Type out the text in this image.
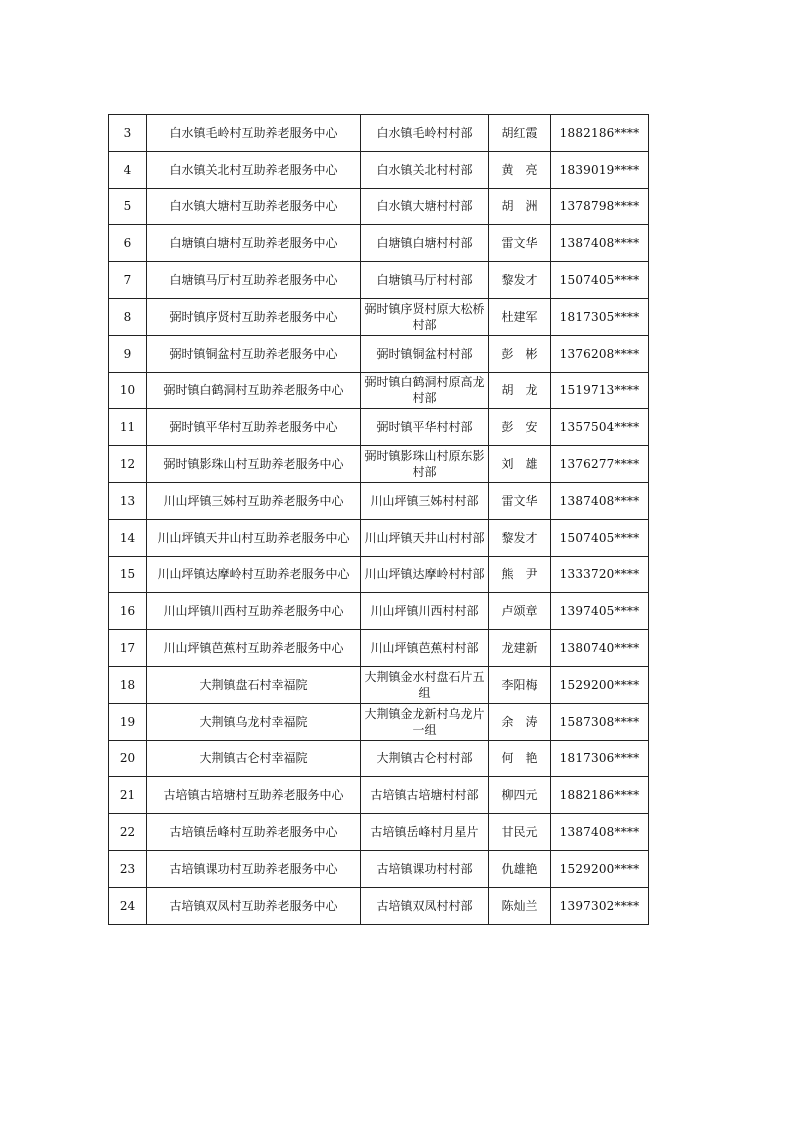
3	白水镇毛岭村互助养老服务中心	白水镇毛岭村村部	胡红霞	1882186****
4	白水镇关北村互助养老服务中心	白水镇关北村村部	黄　亮	1839019****
5	白水镇大塘村互助养老服务中心	白水镇大塘村村部	胡　洲	1378798****
6	白塘镇白塘村互助养老服务中心	白塘镇白塘村村部	雷文华	1387408****
7	白塘镇马厅村互助养老服务中心	白塘镇马厅村村部	黎发才	1507405****
8	弼时镇序贤村互助养老服务中心	弼时镇序贤村原大松桥村部	杜建军	1817305****
9	弼时镇铜盆村互助养老服务中心	弼时镇铜盆村村部	彭　彬	1376208****
10	弼时镇白鹤洞村互助养老服务中心	弼时镇白鹤洞村原高龙村部	胡　龙	1519713****
11	弼时镇平华村互助养老服务中心	弼时镇平华村村部	彭　安	1357504****
12	弼时镇影珠山村互助养老服务中心	弼时镇影珠山村原东影村部	刘　雄	1376277****
13	川山坪镇三姊村互助养老服务中心	川山坪镇三姊村村部	雷文华	1387408****
14	川山坪镇天井山村互助养老服务中心	川山坪镇天井山村村部	黎发才	1507405****
15	川山坪镇达摩岭村互助养老服务中心	川山坪镇达摩岭村村部	熊　尹	1333720****
16	川山坪镇川西村互助养老服务中心	川山坪镇川西村村部	卢颂章	1397405****
17	川山坪镇芭蕉村互助养老服务中心	川山坪镇芭蕉村村部	龙建新	1380740****
18	大荆镇盘石村幸福院	大荆镇金水村盘石片五组	李阳梅	1529200****
19	大荆镇乌龙村幸福院	大荆镇金龙新村乌龙片一组	余　涛	1587308****
20	大荆镇古仑村幸福院	大荆镇古仑村村部	何　艳	1817306****
21	古培镇古培塘村互助养老服务中心	古培镇古培塘村村部	柳四元	1882186****
22	古培镇岳峰村互助养老服务中心	古培镇岳峰村月星片	甘民元	1387408****
23	古培镇课功村互助养老服务中心	古培镇课功村村部	仇雄艳	1529200****
24	古培镇双凤村互助养老服务中心	古培镇双凤村村部	陈灿兰	1397302****
